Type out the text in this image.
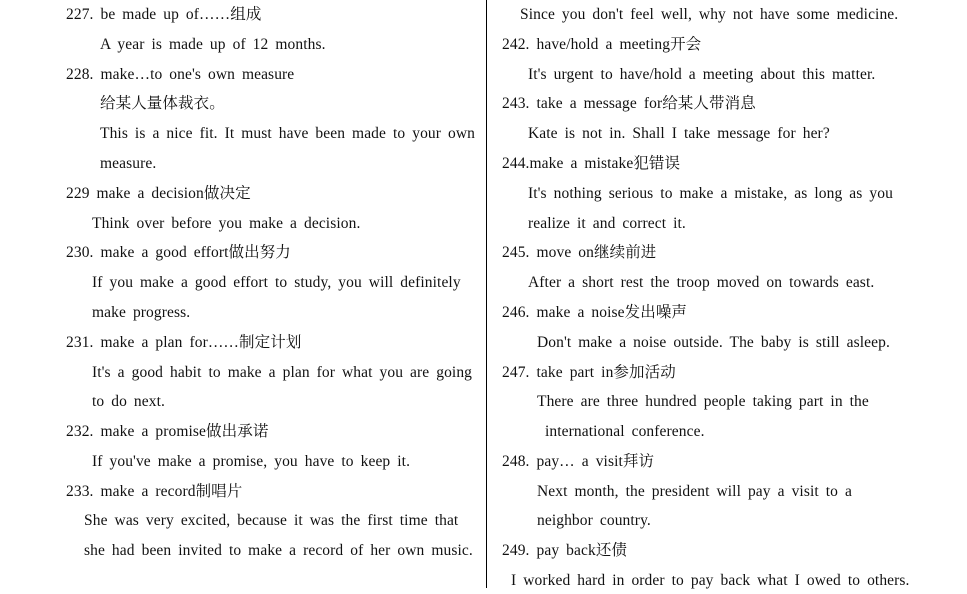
227. be made up of……组成
A year is made up of 12 months.
228. make…to one's own measure
给某人量体裁衣。
This is a nice fit. It must have been made to your own
measure.
229 make a decision做决定
Think over before you make a decision.
230. make a good effort做出努力
If you make a good effort to study, you will definitely
make progress.
231. make a plan for……制定计划
It's a good habit to make a plan for what you are going
to do next.
232. make a promise做出承诺
If you've make a promise, you have to keep it.
233. make a record制唱片
She was very excited, because it was the first time that
she had been invited to make a record of her own music.
Since you don't feel well, why not have some medicine.
242. have/hold a meeting开会
It's urgent to have/hold a meeting about this matter.
243. take a message for给某人带消息
Kate is not in. Shall I take message for her?
244.make a mistake犯错误
It's nothing serious to make a mistake, as long as you
realize it and correct it.
245. move on继续前进
After a short rest the troop moved on towards east.
246. make a noise发出噪声
Don't make a noise outside. The baby is still asleep.
247. take part in参加活动
There are three hundred people taking part in the
international conference.
248. pay… a visit拜访
Next month, the president will pay a visit to a
neighbor country.
249. pay back还债
I worked hard in order to pay back what I owed to others.
